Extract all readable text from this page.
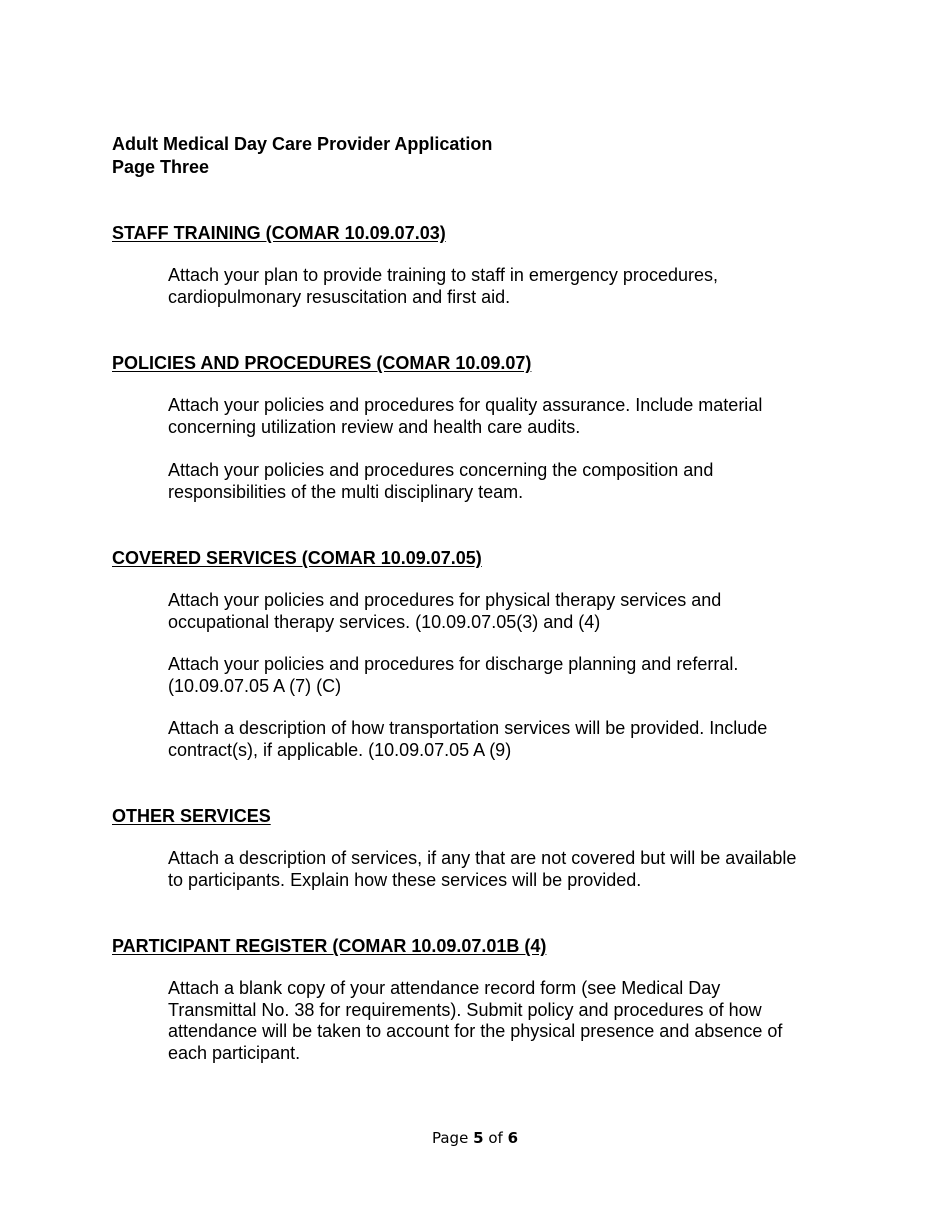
Adult Medical Day Care Provider Application
Page Three
STAFF TRAINING (COMAR 10.09.07.03)
Attach your plan to provide training to staff in emergency procedures,
cardiopulmonary resuscitation and first aid.
POLICIES AND PROCEDURES (COMAR 10.09.07)
Attach your policies and procedures for quality assurance. Include material
concerning utilization review and health care audits.
Attach your policies and procedures concerning the composition and
responsibilities of the multi disciplinary team.
COVERED SERVICES (COMAR 10.09.07.05)
Attach your policies and procedures for physical therapy services and
occupational therapy services. (10.09.07.05(3) and (4)
Attach your policies and procedures for discharge planning and referral.
(10.09.07.05 A (7) (C)
Attach a description of how transportation services will be provided. Include
contract(s), if applicable. (10.09.07.05 A (9)
OTHER SERVICES
Attach a description of services, if any that are not covered but will be available
to participants. Explain how these services will be provided.
PARTICIPANT REGISTER (COMAR 10.09.07.01B (4)
Attach a blank copy of your attendance record form (see Medical Day
Transmittal No. 38 for requirements). Submit policy and procedures of how
attendance will be taken to account for the physical presence and absence of
each participant.
Page 5 of 6
